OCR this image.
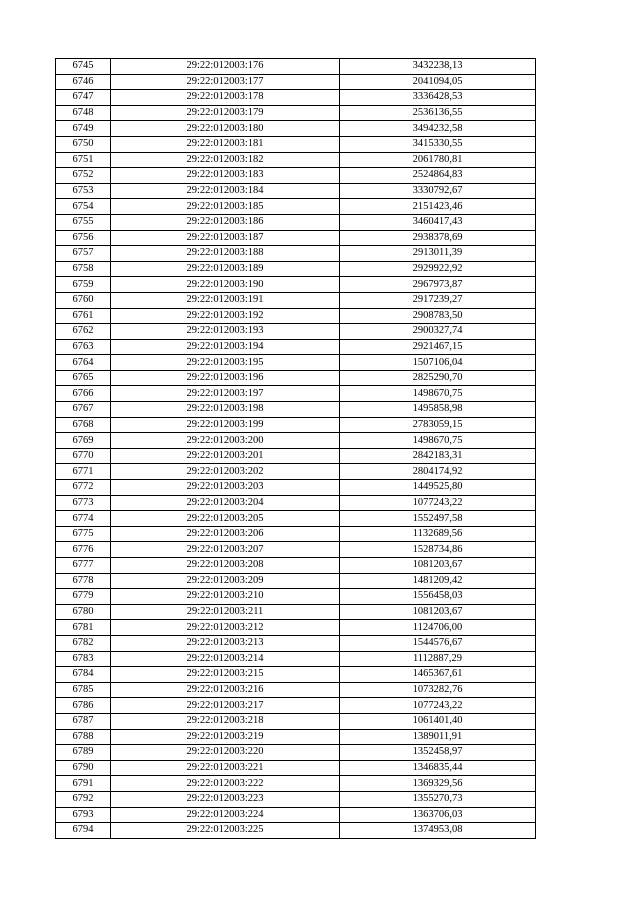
6745	29:22:012003:176	3432238,13
6746	29:22:012003:177	2041094,05
6747	29:22:012003:178	3336428,53
6748	29:22:012003:179	2536136,55
6749	29:22:012003:180	3494232,58
6750	29:22:012003:181	3415330,55
6751	29:22:012003:182	2061780,81
6752	29:22:012003:183	2524864,83
6753	29:22:012003:184	3330792,67
6754	29:22:012003:185	2151423,46
6755	29:22:012003:186	3460417,43
6756	29:22:012003:187	2938378,69
6757	29:22:012003:188	2913011,39
6758	29:22:012003:189	2929922,92
6759	29:22:012003:190	2967973,87
6760	29:22:012003:191	2917239,27
6761	29:22:012003:192	2908783,50
6762	29:22:012003:193	2900327,74
6763	29:22:012003:194	2921467,15
6764	29:22:012003:195	1507106,04
6765	29:22:012003:196	2825290,70
6766	29:22:012003:197	1498670,75
6767	29:22:012003:198	1495858,98
6768	29:22:012003:199	2783059,15
6769	29:22:012003:200	1498670,75
6770	29:22:012003:201	2842183,31
6771	29:22:012003:202	2804174,92
6772	29:22:012003:203	1449525,80
6773	29:22:012003:204	1077243,22
6774	29:22:012003:205	1552497,58
6775	29:22:012003:206	1132689,56
6776	29:22:012003:207	1528734,86
6777	29:22:012003:208	1081203,67
6778	29:22:012003:209	1481209,42
6779	29:22:012003:210	1556458,03
6780	29:22:012003:211	1081203,67
6781	29:22:012003:212	1124706,00
6782	29:22:012003:213	1544576,67
6783	29:22:012003:214	1112887,29
6784	29:22:012003:215	1465367,61
6785	29:22:012003:216	1073282,76
6786	29:22:012003:217	1077243,22
6787	29:22:012003:218	1061401,40
6788	29:22:012003:219	1389011,91
6789	29:22:012003:220	1352458,97
6790	29:22:012003:221	1346835,44
6791	29:22:012003:222	1369329,56
6792	29:22:012003:223	1355270,73
6793	29:22:012003:224	1363706,03
6794	29:22:012003:225	1374953,08
